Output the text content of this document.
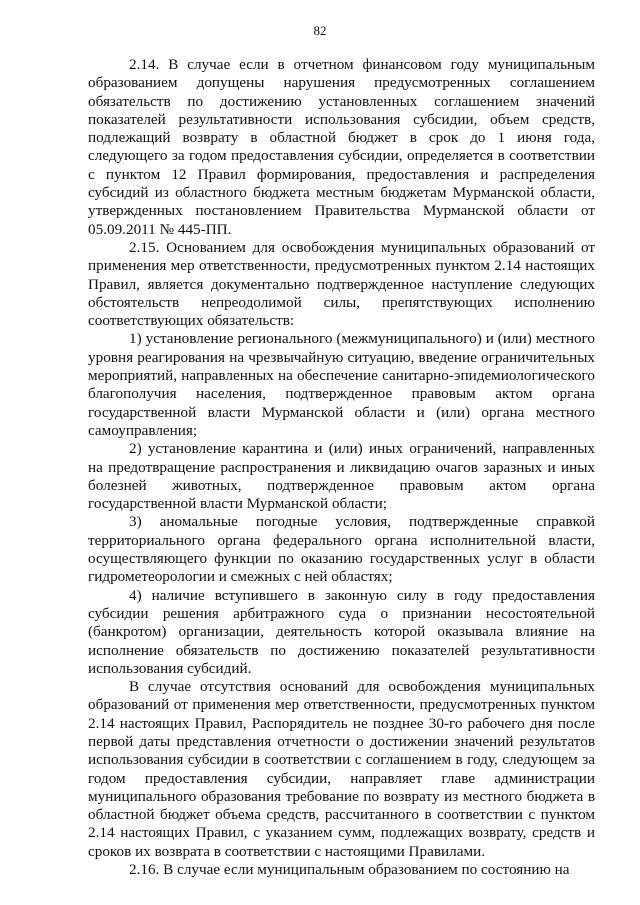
82

2.14. В случае если в отчетном финансовом году муниципальным образованием допущены нарушения предусмотренных соглашением обязательств по достижению установленных соглашением значений показателей результативности использования субсидии, объем средств, подлежащий возврату в областной бюджет в срок до 1 июня года, следующего за годом предоставления субсидии, определяется в соответствии с пунктом 12 Правил формирования, предоставления и распределения субсидий из областного бюджета местным бюджетам Мурманской области, утвержденных постановлением Правительства Мурманской области от 05.09.2011 № 445-ПП.

2.15. Основанием для освобождения муниципальных образований от применения мер ответственности, предусмотренных пунктом 2.14 настоящих Правил, является документально подтвержденное наступление следующих обстоятельств непреодолимой силы, препятствующих исполнению соответствующих обязательств:

1) установление регионального (межмуниципального) и (или) местного уровня реагирования на чрезвычайную ситуацию, введение ограничительных мероприятий, направленных на обеспечение санитарно-эпидемиологического благополучия населения, подтвержденное правовым актом органа государственной власти Мурманской области и (или) органа местного самоуправления;

2) установление карантина и (или) иных ограничений, направленных на предотвращение распространения и ликвидацию очагов заразных и иных болезней животных, подтвержденное правовым актом органа государственной власти Мурманской области;

3) аномальные погодные условия, подтвержденные справкой территориального органа федерального органа исполнительной власти, осуществляющего функции по оказанию государственных услуг в области гидрометеорологии и смежных с ней областях;

4) наличие вступившего в законную силу в году предоставления субсидии решения арбитражного суда о признании несостоятельной (банкротом) организации, деятельность которой оказывала влияние на исполнение обязательств по достижению показателей результативности использования субсидий.

В случае отсутствия оснований для освобождения муниципальных образований от применения мер ответственности, предусмотренных пунктом 2.14 настоящих Правил, Распорядитель не позднее 30-го рабочего дня после первой даты представления отчетности о достижении значений результатов использования субсидии в соответствии с соглашением в году, следующем за годом предоставления субсидии, направляет главе администрации муниципального образования требование по возврату из местного бюджета в областной бюджет объема средств, рассчитанного в соответствии с пунктом 2.14 настоящих Правил, с указанием сумм, подлежащих возврату, средств и сроков их возврата в соответствии с настоящими Правилами.

2.16. В случае если муниципальным образованием по состоянию на
